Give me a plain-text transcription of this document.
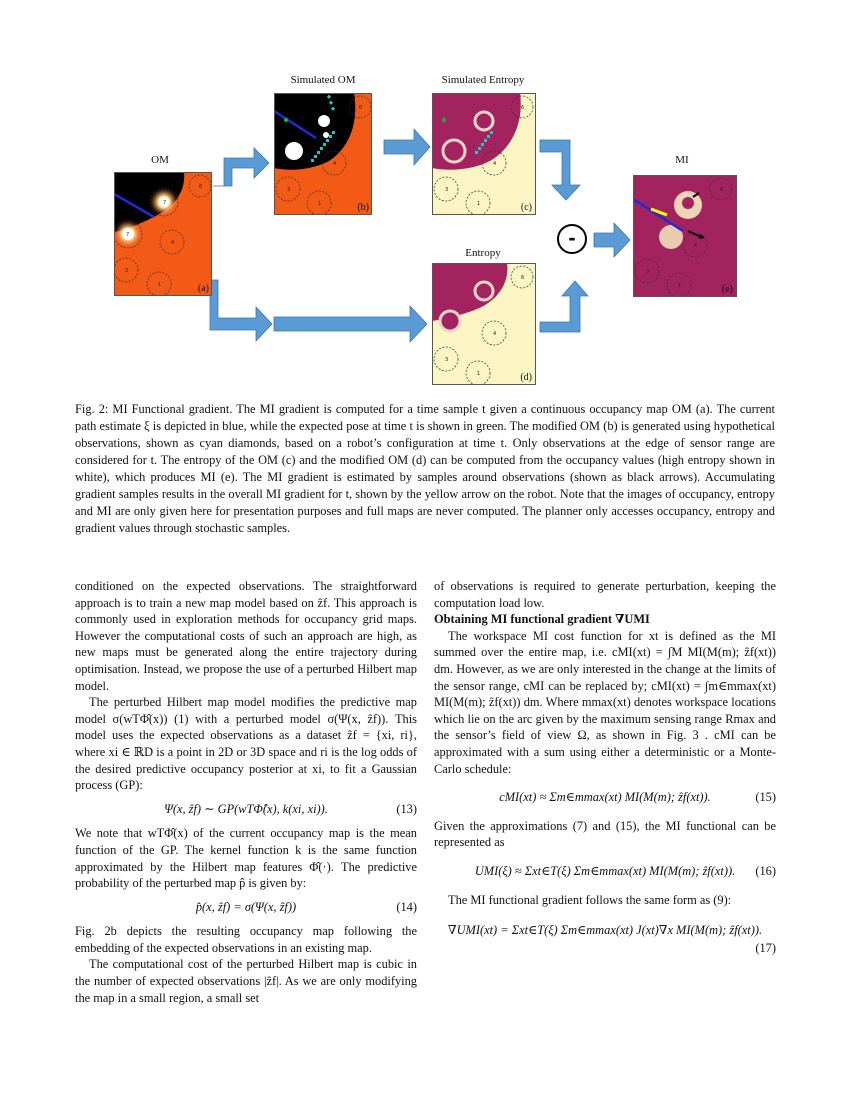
OM
Simulated OM	Simulated Entropy
Entropy
MI
6
4
3
1
7
7
(a)
6
4
3
1	(b)
6
4
3
1	(c)
6
4
3
1	(d)
-
6
4
3
1	(e)
Fig. 2: MI Functional gradient. The MI gradient is computed for a time sample t given a continuous occupancy map OM (a). The current path estimate ξ is depicted in blue, while the expected pose at time t is shown in green. The modified OM (b) is generated using hypothetical observations, shown as cyan diamonds, based on a robot’s configuration at time t. Only observations at the edge of sensor range are considered for t. The entropy of the OM (c) and the modified OM (d) can be computed from the occupancy values (high entropy shown in white), which produces MI (e). The MI gradient is estimated by samples around observations (shown as black arrows). Accumulating gradient samples results in the overall MI gradient for t, shown by the yellow arrow on the robot. Note that the images of occupancy, entropy and MI are only given here for presentation purposes and full maps are never computed. The planner only accesses occupancy, entropy and gradient values through stochastic samples.

conditioned on the expected observations. The straightforward approach is to train a new map model based on ẑf. This approach is commonly used in exploration methods for occupancy grid maps. However the computational costs of such an approach are high, as new maps must be generated along the entire trajectory during optimisation. Instead, we propose the use of a perturbed Hilbert map model.

The perturbed Hilbert map model modifies the predictive map model σ(wTΦ̂(x)) (1) with a perturbed model σ(Ψ(x, ẑf)). This model uses the expected observations as a dataset ẑf = {xi, ri}, where xi ∈ ℝD is a point in 2D or 3D space and ri is the log odds of the desired predictive occupancy posterior at xi, to fit a Gaussian process (GP):

Ψ(x, ẑf) ∼ GP(wTΦ̂(x), k(xi, xi)).	(13)

We note that wTΦ̂(x) of the current occupancy map is the mean function of the GP. The kernel function k is the same function approximated by the Hilbert map features Φ̂(·). The predictive probability of the perturbed map p̂ is given by:

p̂(x, ẑf) = σ(Ψ(x, ẑf))	(14)

Fig. 2b depicts the resulting occupancy map following the embedding of the expected observations in an existing map.

The computational cost of the perturbed Hilbert map is cubic in the number of expected observations |ẑf|. As we are only modifying the map in a small region, a small set

of observations is required to generate perturbation, keeping the computation load low.

Obtaining MI functional gradient ∇UMI

The workspace MI cost function for xt is defined as the MI summed over the entire map, i.e. cMI(xt) = ∫M MI(M(m); ẑf(xt)) dm. However, as we are only interested in the change at the limits of the sensor range, cMI can be replaced by; cMI(xt) = ∫m∈mmax(xt) MI(M(m); ẑf(xt)) dm. Where mmax(xt) denotes workspace locations which lie on the arc given by the maximum sensing range Rmax and the sensor’s field of view Ω, as shown in Fig. 3 . cMI can be approximated with a sum using either a deterministic or a Monte-Carlo schedule:

cMI(xt) ≈ Σm∈mmax(xt) MI(M(m); ẑf(xt)).	(15)

Given the approximations (7) and (15), the MI functional can be represented as

UMI(ξ) ≈ Σxt∈T(ξ) Σm∈mmax(xt) MI(M(m); ẑf(xt)). (16)

The MI functional gradient follows the same form as (9):

∇UMI(xt) = Σxt∈T(ξ) Σm∈mmax(xt) J(xt)∇x MI(M(m); ẑf(xt)).
(17)
